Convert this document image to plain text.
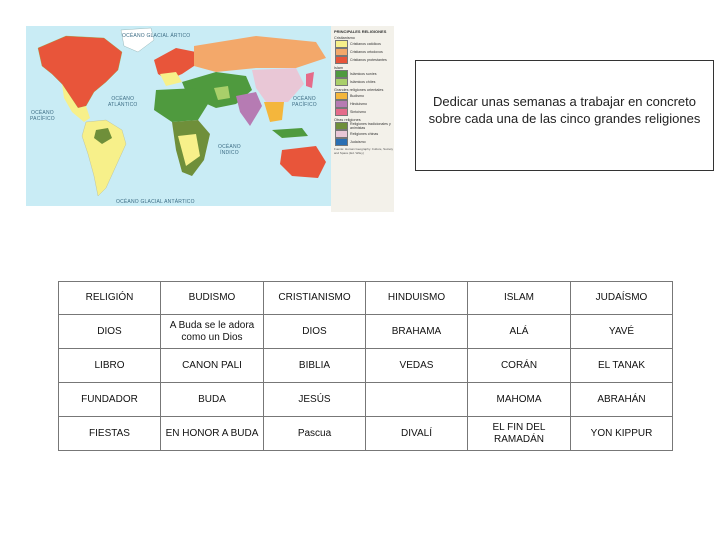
OCÉANO GLACIAL ÁRTICO
OCÉANO
PACÍFICO
OCÉANO
ATLÁNTICO
OCÉANO
PACÍFICO
OCÉANO
ÍNDICO
OCÉANO GLACIAL ANTÁRTICO
PRINCIPALES RELIGIONES
Cristianismo
Cristianos católicos
Cristianos ortodoxos
Cristianos protestantes
Islam
Islámicos suníes
Islámicos chiíes
Grandes religiones orientales
Budismo
Hinduismo
Sintoísmo
Otras religiones
Religiones tradicionales y animistas
Religiones chinas
Judaísmo
Fuente: Human Geography. Culture, Society and Space (Ed. Wiley)
Dedicar unas semanas a trabajar en concreto sobre cada una de las cinco grandes religiones
RELIGIÓN	BUDISMO	CRISTIANISMO	HINDUISMO	ISLAM	JUDAÍSMO
DIOS	A Buda se le adora como un Dios	DIOS	BRAHAMA	ALÁ	YAVÉ
LIBRO	CANON PALI	BIBLIA	VEDAS	CORÁN	EL TANAK
FUNDADOR	BUDA	JESÚS		MAHOMA	ABRAHÁN
FIESTAS	EN HONOR A BUDA	Pascua	DIVALÍ	EL FIN DEL RAMADÁN	YON KIPPUR
